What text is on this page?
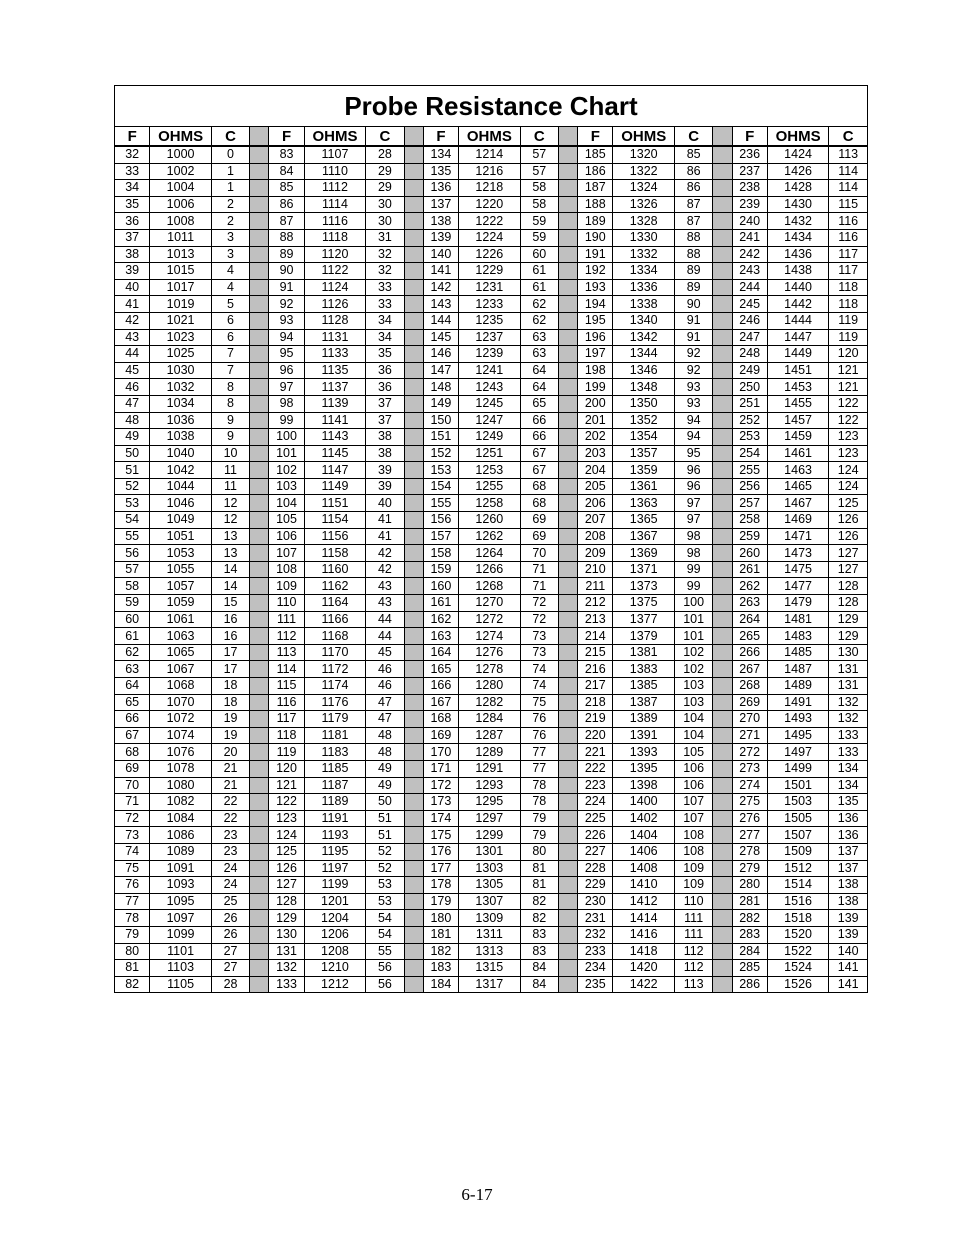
Probe Resistance Chart																		
F	OHMS	C		F	OHMS	C		F	OHMS	C		F	OHMS	C		F	OHMS	C
32	1000	0		83	1107	28		134	1214	57		185	1320	85		236	1424	113
33	1002	1		84	1110	29		135	1216	57		186	1322	86		237	1426	114
34	1004	1		85	1112	29		136	1218	58		187	1324	86		238	1428	114
35	1006	2		86	1114	30		137	1220	58		188	1326	87		239	1430	115
36	1008	2		87	1116	30		138	1222	59		189	1328	87		240	1432	116
37	1011	3		88	1118	31		139	1224	59		190	1330	88		241	1434	116
38	1013	3		89	1120	32		140	1226	60		191	1332	88		242	1436	117
39	1015	4		90	1122	32		141	1229	61		192	1334	89		243	1438	117
40	1017	4		91	1124	33		142	1231	61		193	1336	89		244	1440	118
41	1019	5		92	1126	33		143	1233	62		194	1338	90		245	1442	118
42	1021	6		93	1128	34		144	1235	62		195	1340	91		246	1444	119
43	1023	6		94	1131	34		145	1237	63		196	1342	91		247	1447	119
44	1025	7		95	1133	35		146	1239	63		197	1344	92		248	1449	120
45	1030	7		96	1135	36		147	1241	64		198	1346	92		249	1451	121
46	1032	8		97	1137	36		148	1243	64		199	1348	93		250	1453	121
47	1034	8		98	1139	37		149	1245	65		200	1350	93		251	1455	122
48	1036	9		99	1141	37		150	1247	66		201	1352	94		252	1457	122
49	1038	9		100	1143	38		151	1249	66		202	1354	94		253	1459	123
50	1040	10		101	1145	38		152	1251	67		203	1357	95		254	1461	123
51	1042	11		102	1147	39		153	1253	67		204	1359	96		255	1463	124
52	1044	11		103	1149	39		154	1255	68		205	1361	96		256	1465	124
53	1046	12		104	1151	40		155	1258	68		206	1363	97		257	1467	125
54	1049	12		105	1154	41		156	1260	69		207	1365	97		258	1469	126
55	1051	13		106	1156	41		157	1262	69		208	1367	98		259	1471	126
56	1053	13		107	1158	42		158	1264	70		209	1369	98		260	1473	127
57	1055	14		108	1160	42		159	1266	71		210	1371	99		261	1475	127
58	1057	14		109	1162	43		160	1268	71		211	1373	99		262	1477	128
59	1059	15		110	1164	43		161	1270	72		212	1375	100		263	1479	128
60	1061	16		111	1166	44		162	1272	72		213	1377	101		264	1481	129
61	1063	16		112	1168	44		163	1274	73		214	1379	101		265	1483	129
62	1065	17		113	1170	45		164	1276	73		215	1381	102		266	1485	130
63	1067	17		114	1172	46		165	1278	74		216	1383	102		267	1487	131
64	1068	18		115	1174	46		166	1280	74		217	1385	103		268	1489	131
65	1070	18		116	1176	47		167	1282	75		218	1387	103		269	1491	132
66	1072	19		117	1179	47		168	1284	76		219	1389	104		270	1493	132
67	1074	19		118	1181	48		169	1287	76		220	1391	104		271	1495	133
68	1076	20		119	1183	48		170	1289	77		221	1393	105		272	1497	133
69	1078	21		120	1185	49		171	1291	77		222	1395	106		273	1499	134
70	1080	21		121	1187	49		172	1293	78		223	1398	106		274	1501	134
71	1082	22		122	1189	50		173	1295	78		224	1400	107		275	1503	135
72	1084	22		123	1191	51		174	1297	79		225	1402	107		276	1505	136
73	1086	23		124	1193	51		175	1299	79		226	1404	108		277	1507	136
74	1089	23		125	1195	52		176	1301	80		227	1406	108		278	1509	137
75	1091	24		126	1197	52		177	1303	81		228	1408	109		279	1512	137
76	1093	24		127	1199	53		178	1305	81		229	1410	109		280	1514	138
77	1095	25		128	1201	53		179	1307	82		230	1412	110		281	1516	138
78	1097	26		129	1204	54		180	1309	82		231	1414	111		282	1518	139
79	1099	26		130	1206	54		181	1311	83		232	1416	111		283	1520	139
80	1101	27		131	1208	55		182	1313	83		233	1418	112		284	1522	140
81	1103	27		132	1210	56		183	1315	84		234	1420	112		285	1524	141
82	1105	28		133	1212	56		184	1317	84		235	1422	113		286	1526	141
6-17
